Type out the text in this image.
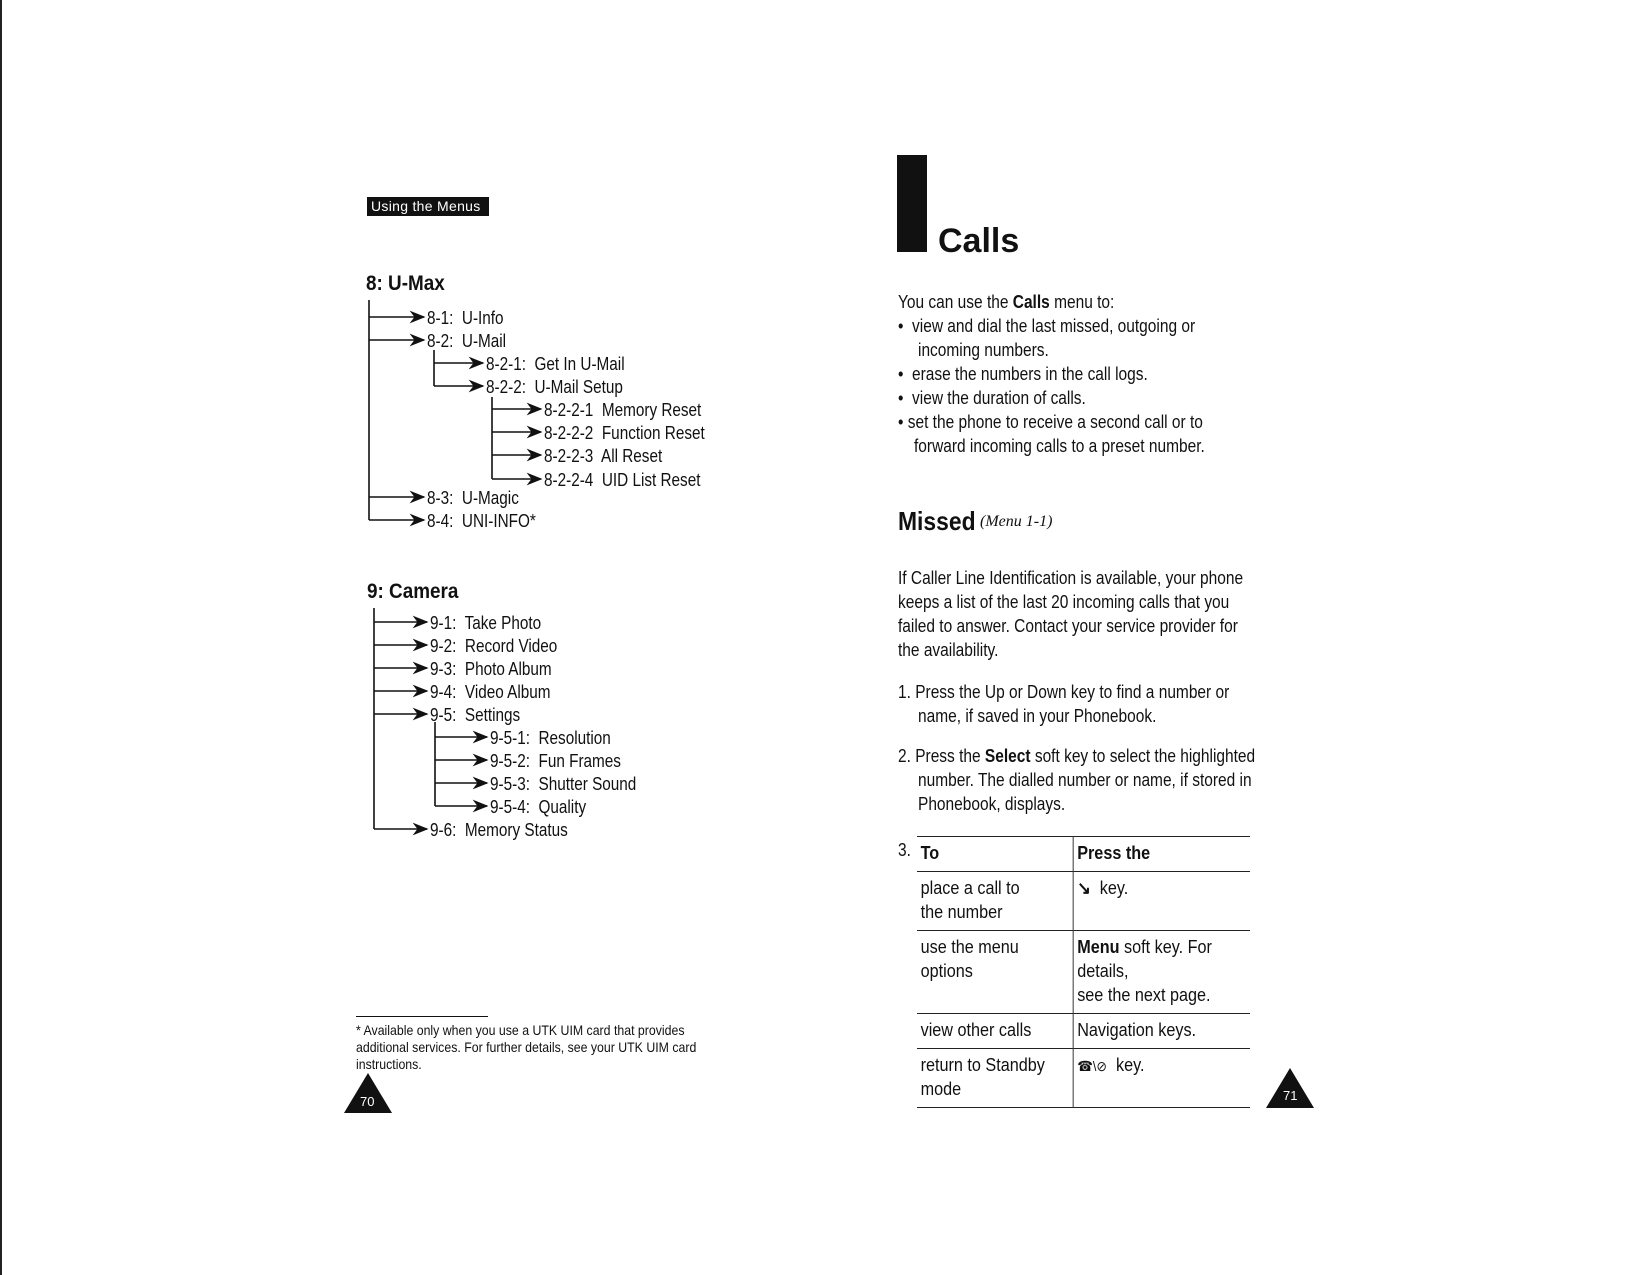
Using the Menus
8: U-Max
8-1: U-Info
8-2: U-Mail
8-2-1: Get In U-Mail
8-2-2: U-Mail Setup
8-2-2-1 Memory Reset
8-2-2-2 Function Reset
8-2-2-3 All Reset
8-2-2-4 UID List Reset
8-3: U-Magic
8-4: UNI-INFO*
9: Camera
9-1: Take Photo
9-2: Record Video
9-3: Photo Album
9-4: Video Album
9-5: Settings
9-5-1: Resolution
9-5-2: Fun Frames
9-5-3: Shutter Sound
9-5-4: Quality
9-6: Memory Status
* Available only when you use a UTK UIM card that provides additional services. For further details, see your UTK UIM card instructions.
70
Calls
You can use the Calls menu to:
•  view and dial the last missed, outgoing or
incoming numbers.
•  erase the numbers in the call logs.
•  view the duration of calls.
• set the phone to receive a second call or to
forward incoming calls to a preset number.
Missed (Menu 1-1)
If Caller Line Identification is available, your phone
keeps a list of the last 20 incoming calls that you
failed to answer. Contact your service provider for
the availability.
1. Press the Up or Down key to find a number or
name, if saved in your Phonebook.
2. Press the Select soft key to select the highlighted
number. The dialled number or name, if stored in
Phonebook, displays.
3. To	Press the
place a call to
the number	↘ key.
use the menu
options	Menu soft key. For details,
see the next page.
view other calls	Navigation keys.
return to Standby
mode	☎\⊘ key.
71
